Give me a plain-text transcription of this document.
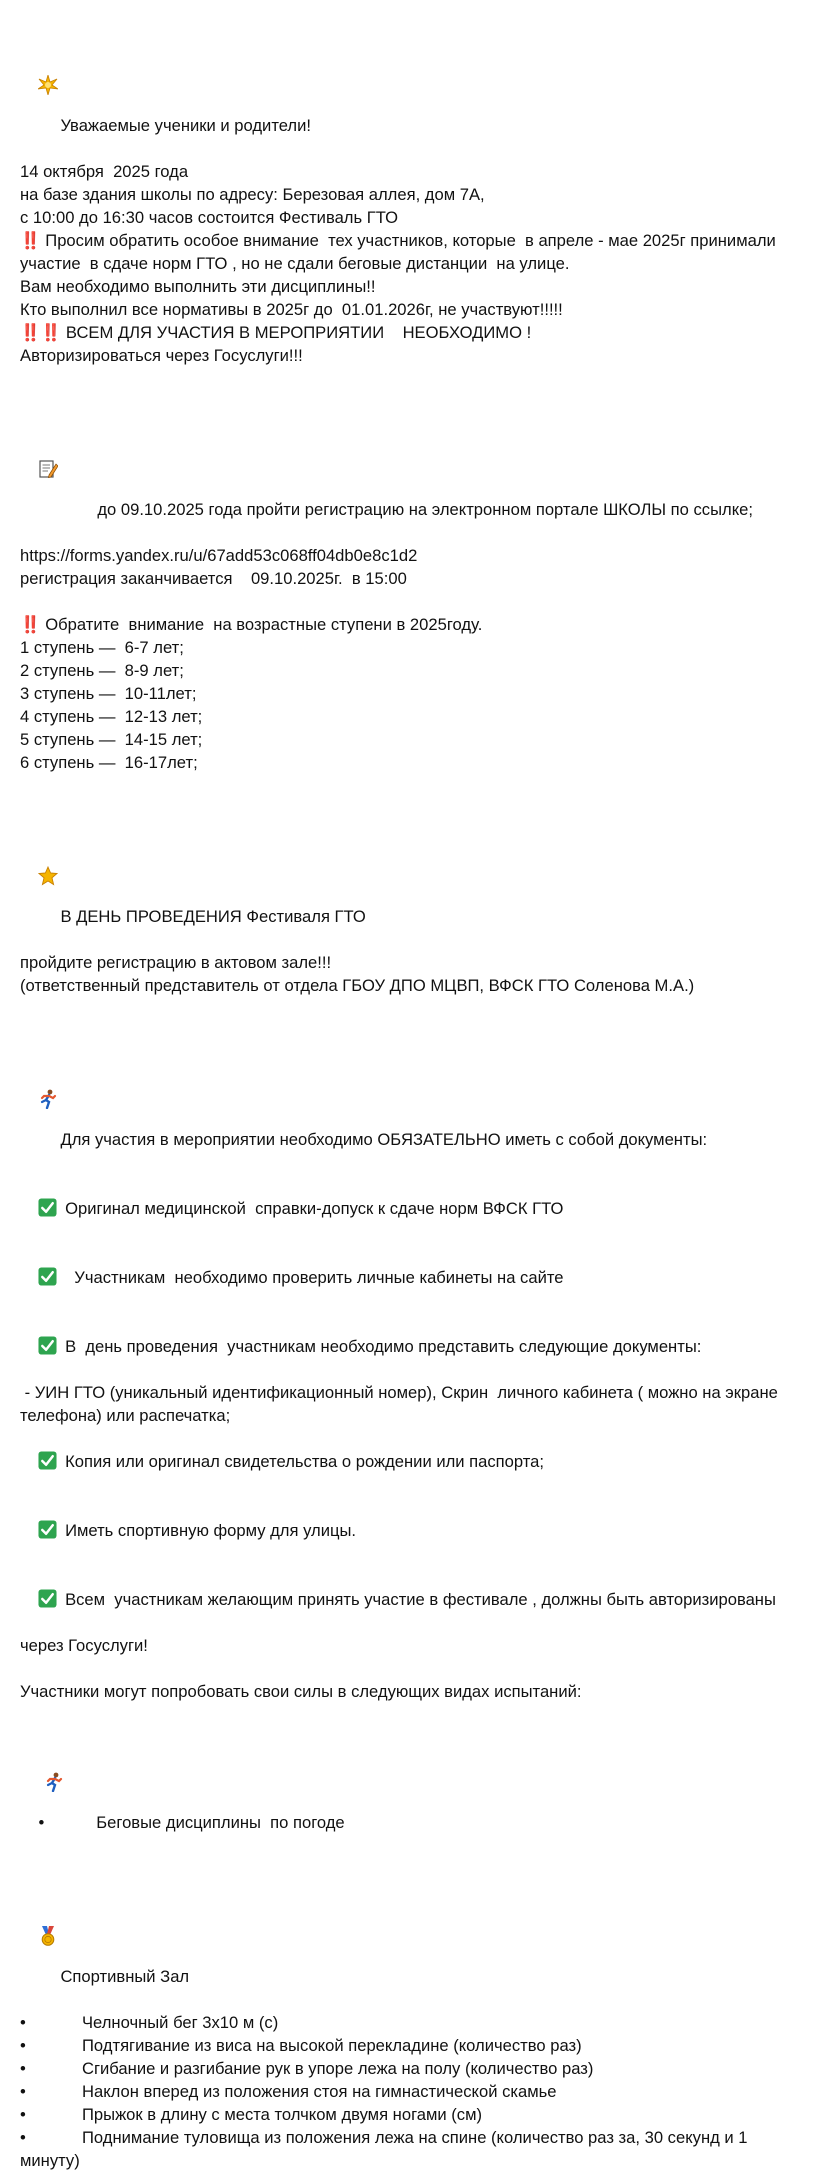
Уважаемые ученики и родители!

14 октября  2025 года
на базе здания школы по адресу: Березовая аллея, дом 7А,
с 10:00 до 16:30 часов состоится Фестиваль ГТО
‼️ Просим обратить особое внимание  тех участников, которые  в апреле - мае 2025г принимали
участие  в сдаче норм ГТО , но не сдали беговые дистанции  на улице.
Вам необходимо выполнить эти дисциплины!!
Кто выполнил все нормативы в 2025г до  01.01.2026г, не участвуют!!!!!
‼️‼️ ВСЕМ ДЛЯ УЧАСТИЯ В МЕРОПРИЯТИИ    НЕОБХОДИМО !
Авторизироваться через Госуслуги!!!

до 09.10.2025 года пройти регистрацию на электронном портале ШКОЛЫ по ссылке;

https://forms.yandex.ru/u/67add53c068ff04db0e8c1d2
регистрация заканчивается    09.10.2025г.  в 15:00
‼️ Обратите  внимание  на возрастные ступени в 2025году.
1 ступень —  6-7 лет;
2 ступень —  8-9 лет;
3 ступень —  10-11лет;
4 ступень —  12-13 лет;
5 ступень —  14-15 лет;
6 ступень —  16-17лет;

В ДЕНЬ ПРОВЕДЕНИЯ Фестиваля ГТО

пройдите регистрацию в актовом зале!!!
(ответственный представитель от отдела ГБОУ ДПО МЦВП, ВФСК ГТО Соленова М.А.)

Для участия в мероприятии необходимо ОБЯЗАТЕЛЬНО иметь с собой документы:

Оригинал медицинской  справки-допуск к сдаче норм ВФСК ГТО

Участникам  необходимо проверить личные кабинеты на сайте

В  день проведения  участникам необходимо представить следующие документы:

- УИН ГТО (уникальный идентификационный номер), Скрин  личного кабинета ( можно на экране
телефона) или распечатка;

Копия или оригинал свидетельства о рождении или паспорта;

Иметь спортивную форму для улицы.

Всем  участникам желающим принять участие в фестивале , должны быть авторизированы

через Госуслуги!
Участники могут попробовать свои силы в следующих видах испытаний:

•
	Беговые дисциплины  по погоде

Спортивный Зал

•	Челночный бег 3х10 м (с)
•	Подтягивание из виса на высокой перекладине (количество раз)
•	Сгибание и разгибание рук в упоре лежа на полу (количество раз)
•	Наклон вперед из положения стоя на гимнастической скамье
•	Прыжок в длину с места толчком двумя ногами (см)
•	Поднимание туловища из положения лежа на спине (количество раз за, 30 секунд и 1
минуту)
